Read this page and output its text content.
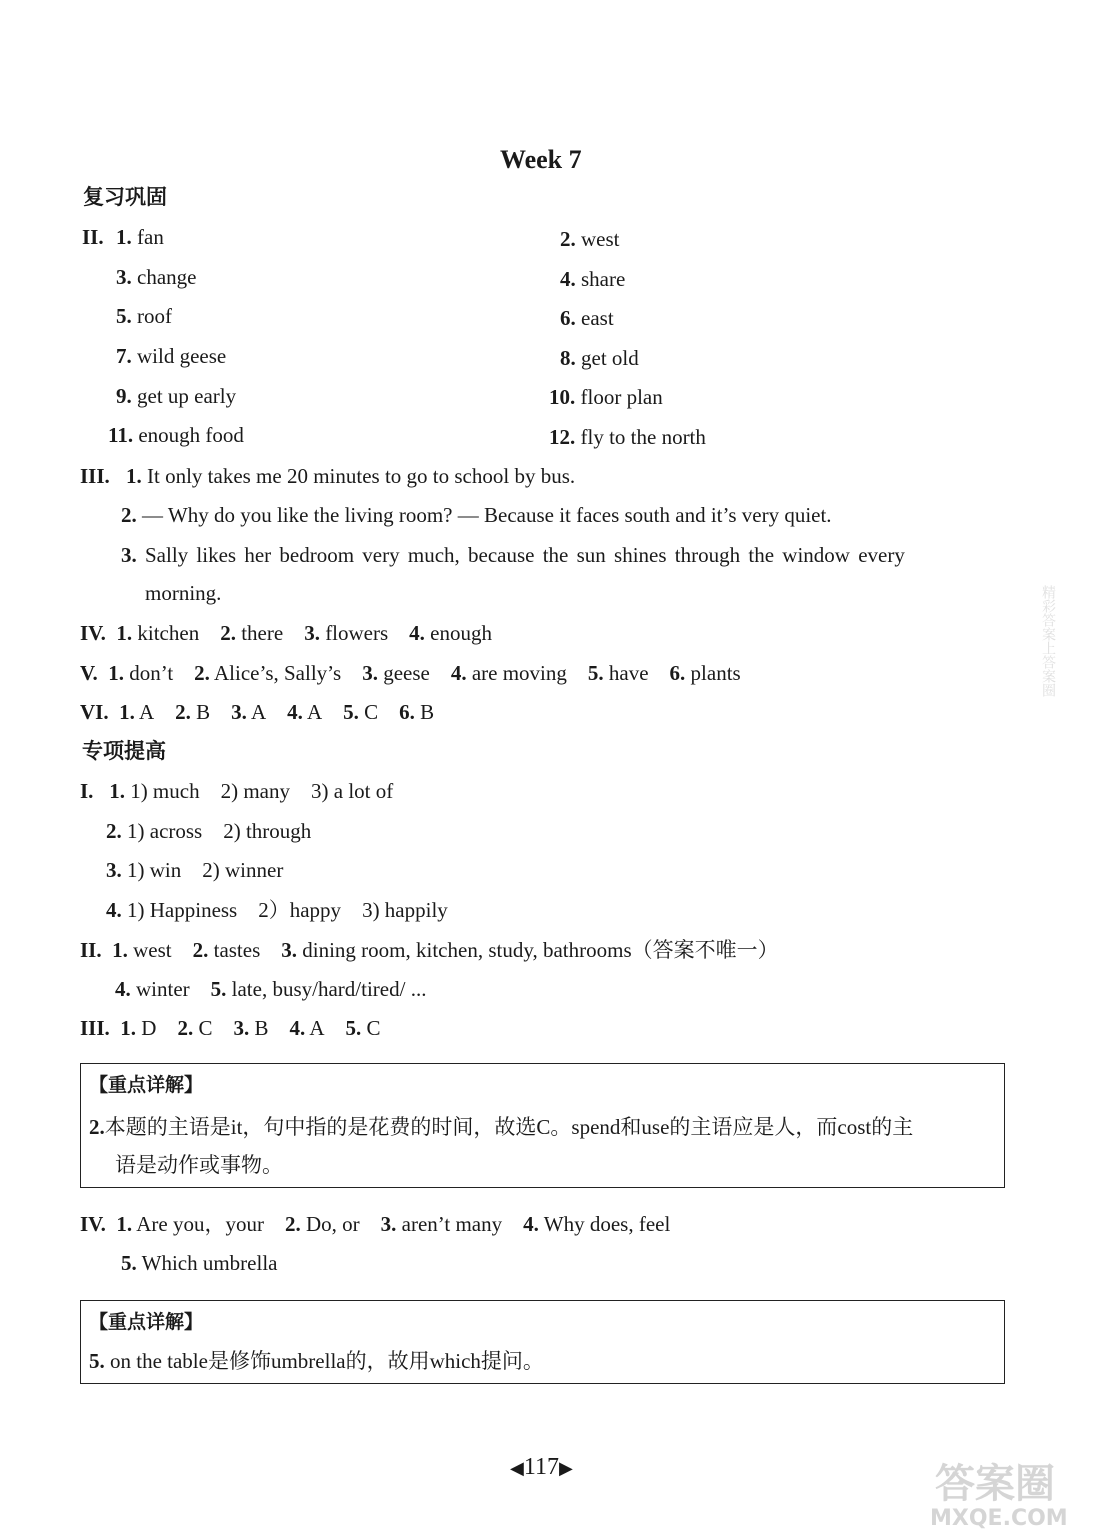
Week 7
复习巩固
II. 1. fan	2. west
3. change	4. share
5. roof	6. east
7. wild geese	8. get old
9. get up early	10. floor plan
11. enough food	12. fly to the north
III. 1. It only takes me 20 minutes to go to school by bus.
2. — Why do you like the living room? — Because it faces south and it’s very quiet.
3. Sally likes her bedroom very much, because the sun shines through the window every
morning.
IV. 1. kitchen 2. there 3. flowers 4. enough
V. 1. don’t 2. Alice’s, Sally’s 3. geese 4. are moving 5. have 6. plants
VI. 1. A 2. B 3. A 4. A 5. C 6. B
专项提高
I. 1. 1) much 2) many 3) a lot of
2. 1) across 2) through
3. 1) win 2) winner
4. 1) Happiness 2）happy 3) happily
II. 1. west 2. tastes 3. dining room, kitchen, study, bathrooms（答案不唯一）
4. winter 5. late, busy/hard/tired/ ...
III. 1. D 2. C 3. B 4. A 5. C
【重点详解】
2.本题的主语是it，句中指的是花费的时间，故选C。spend和use的主语应是人，而cost的主
语是动作或事物。
IV. 1. Are you，your 2. Do, or 3. aren’t many 4. Why does, feel
5. Which umbrella
【重点详解】
5. on the table是修饰umbrella的，故用which提问。
◀117▶
精彩答案上答案圈
答案圈
MXQE.COM
